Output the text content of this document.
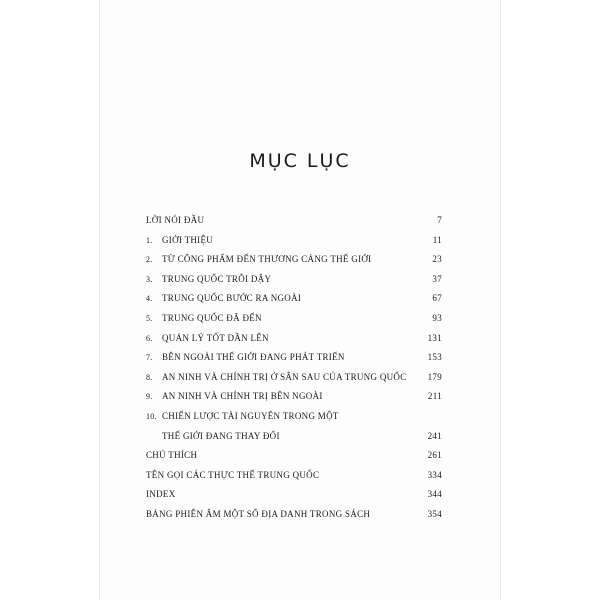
MỤC LỤC
LỜI NÓI ĐẦU	7
1.	GIỚI THIỆU	11
2.	TỪ CÔNG PHẨM ĐẾN THƯƠNG CẢNG THẾ GIỚI	23
3.	TRUNG QUỐC TRỖI DẬY	37
4.	TRUNG QUỐC BƯỚC RA NGOÀI	67
5.	TRUNG QUỐC ĐÃ ĐẾN	93
6.	QUẢN LÝ TỐT DẦN LÊN	131
7.	BÊN NGOÀI THẾ GIỚI ĐANG PHÁT TRIỂN	153
8.	AN NINH VÀ CHÍNH TRỊ Ở SÂN SAU CỦA TRUNG QUỐC 179
9.	AN NINH VÀ CHÍNH TRỊ BÊN NGOÀI	211
10. CHIẾN LƯỢC TÀI NGUYÊN TRONG MỘT
THẾ GIỚI ĐANG THAY ĐỔI	241
CHÚ THÍCH	261
TÊN GỌI CÁC THỰC THỂ TRUNG QUỐC	334
INDEX	344
BẢNG PHIÊN ÂM MỘT SỐ ĐỊA DANH TRONG SÁCH	354
